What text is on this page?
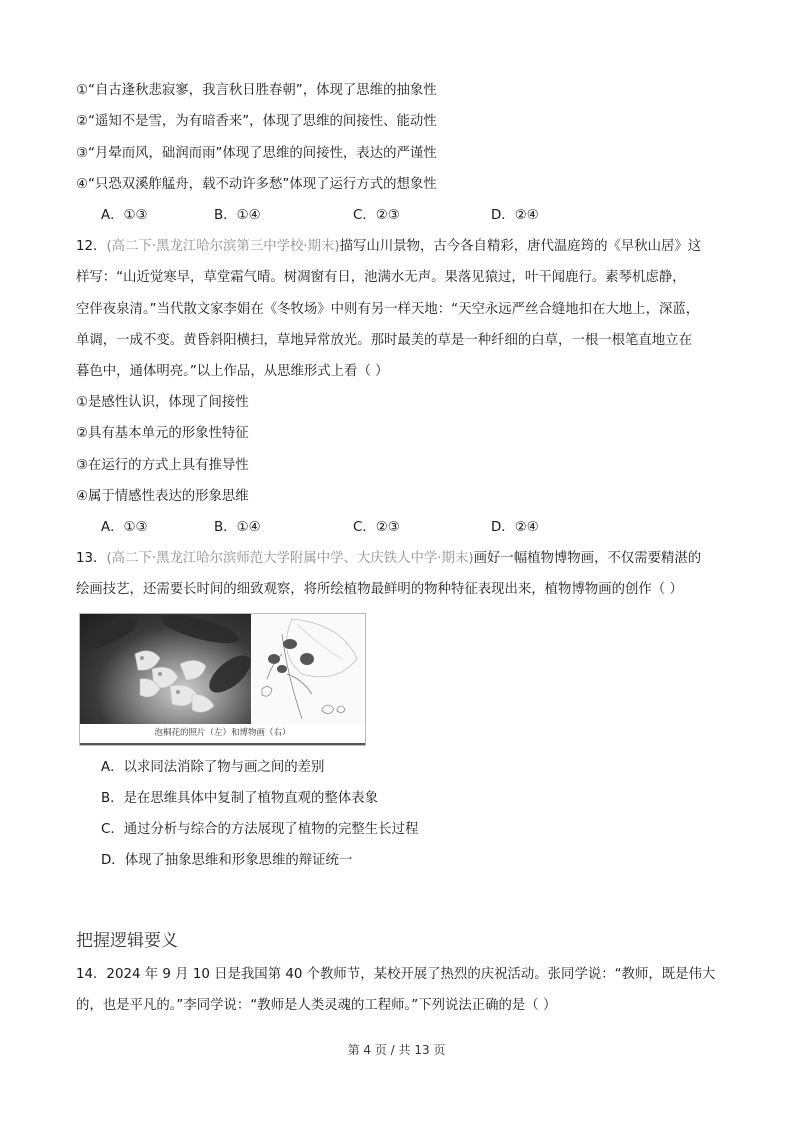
①“自古逢秋悲寂寥，我言秋日胜春朝”，体现了思维的抽象性
②“遥知不是雪，为有暗香来”，体现了思维的间接性、能动性
③“月晕而风，础润而雨”体现了思维的间接性，表达的严谨性
④“只恐双溪舴艋舟，载不动许多愁”体现了运行方式的想象性
A．①③	B．①④	C．②③	D．②④
12．(高二下·黑龙江哈尔滨第三中学校·期末)描写山川景物，古今各自精彩，唐代温庭筠的《早秋山居》这
样写：“山近觉寒早，草堂霜气晴。树凋窗有日，池满水无声。果落见猿过，叶干闻鹿行。素琴机虑静，
空伴夜泉清。”当代散文家李娟在《冬牧场》中则有另一样天地：“天空永远严丝合缝地扣在大地上，深蓝，
单调，一成不变。黄昏斜阳横扫，草地异常放光。那时最美的草是一种纤细的白草，一根一根笔直地立在
暮色中，通体明亮。”以上作品，从思维形式上看（ ）
①是感性认识，体现了间接性
②具有基本单元的形象性特征
③在运行的方式上具有推导性
④属于情感性表达的形象思维
A．①③	B．①④	C．②③	D．②④
13．(高二下·黑龙江哈尔滨师范大学附属中学、大庆铁人中学·期末)画好一幅植物博物画，不仅需要精湛的
绘画技艺，还需要长时间的细致观察，将所绘植物最鲜明的物种特征表现出来，植物博物画的创作（ ）
泡桐花的照片（左）和博物画（右）
A．以求同法消除了物与画之间的差别
B．是在思维具体中复制了植物直观的整体表象
C．通过分析与综合的方法展现了植物的完整生长过程
D．体现了抽象思维和形象思维的辩证统一
把握逻辑要义
14．2024 年 9 月 10 日是我国第 40 个教师节，某校开展了热烈的庆祝活动。张同学说：“教师，既是伟大
的，也是平凡的。”李同学说：“教师是人类灵魂的工程师。”下列说法正确的是（ ）
第 4 页 / 共 13 页
